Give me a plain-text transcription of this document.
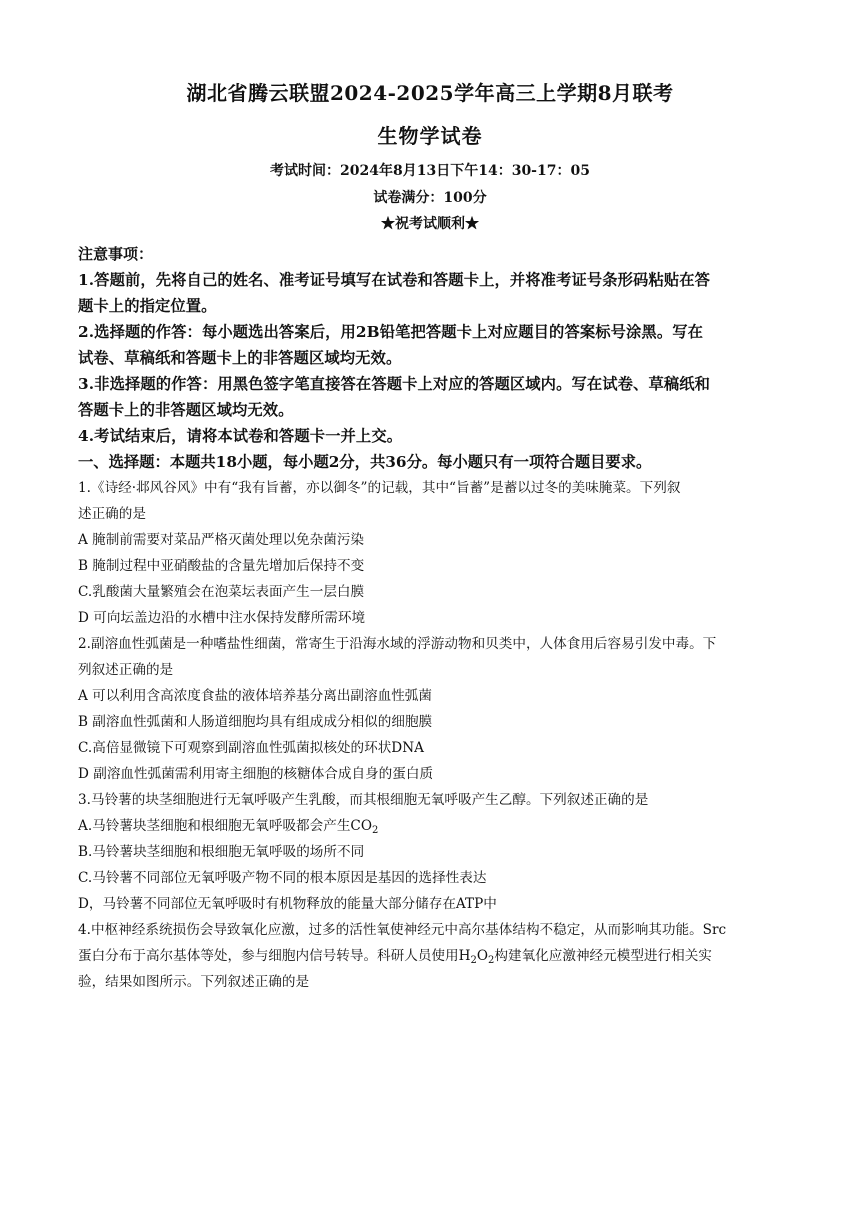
湖北省腾云联盟2024-2025学年高三上学期8月联考
生物学试卷
考试时间：2024年8月13日下午14：30-17：05
试卷满分：100分
★祝考试顺利★
注意事项：
1.答题前，先将自己的姓名、准考证号填写在试卷和答题卡上，并将准考证号条形码粘贴在答
题卡上的指定位置。
2.选择题的作答：每小题选出答案后，用2B铅笔把答题卡上对应题目的答案标号涂黑。写在
试卷、草稿纸和答题卡上的非答题区域均无效。
3.非选择题的作答：用黑色签字笔直接答在答题卡上对应的答题区域内。写在试卷、草稿纸和
答题卡上的非答题区域均无效。
4.考试结束后，请将本试卷和答题卡一并上交。
一、选择题：本题共18小题，每小题2分，共36分。每小题只有一项符合题目要求。
1.《诗经·邶风谷风》中有“我有旨蓄，亦以御冬”的记载，其中“旨蓄”是蓄以过冬的美味腌菜。下列叙
述正确的是
A 腌制前需要对菜品严格灭菌处理以免杂菌污染
B 腌制过程中亚硝酸盐的含量先增加后保持不变
C.乳酸菌大量繁殖会在泡菜坛表面产生一层白膜
D 可向坛盖边沿的水槽中注水保持发酵所需环境
2.副溶血性弧菌是一种嗜盐性细菌，常寄生于沿海水域的浮游动物和贝类中，人体食用后容易引发中毒。下
列叙述正确的是
A 可以利用含高浓度食盐的液体培养基分离出副溶血性弧菌
B 副溶血性弧菌和人肠道细胞均具有组成成分相似的细胞膜
C.高倍显微镜下可观察到副溶血性弧菌拟核处的环状DNA
D 副溶血性弧菌需利用寄主细胞的核糖体合成自身的蛋白质
3.马铃薯的块茎细胞进行无氧呼吸产生乳酸，而其根细胞无氧呼吸产生乙醇。下列叙述正确的是
A.马铃薯块茎细胞和根细胞无氧呼吸都会产生$CO_2$
B.马铃薯块茎细胞和根细胞无氧呼吸的场所不同
C.马铃薯不同部位无氧呼吸产物不同的根本原因是基因的选择性表达
D，马铃薯不同部位无氧呼吸时有机物释放的能量大部分储存在ATP中
4.中枢神经系统损伤会导致氧化应激，过多的活性氧使神经元中高尔基体结构不稳定，从而影响其功能。Src
蛋白分布于高尔基体等处，参与细胞内信号转导。科研人员使用$H_2O_2$构建氧化应激神经元模型进行相关实
验，结果如图所示。下列叙述正确的是
